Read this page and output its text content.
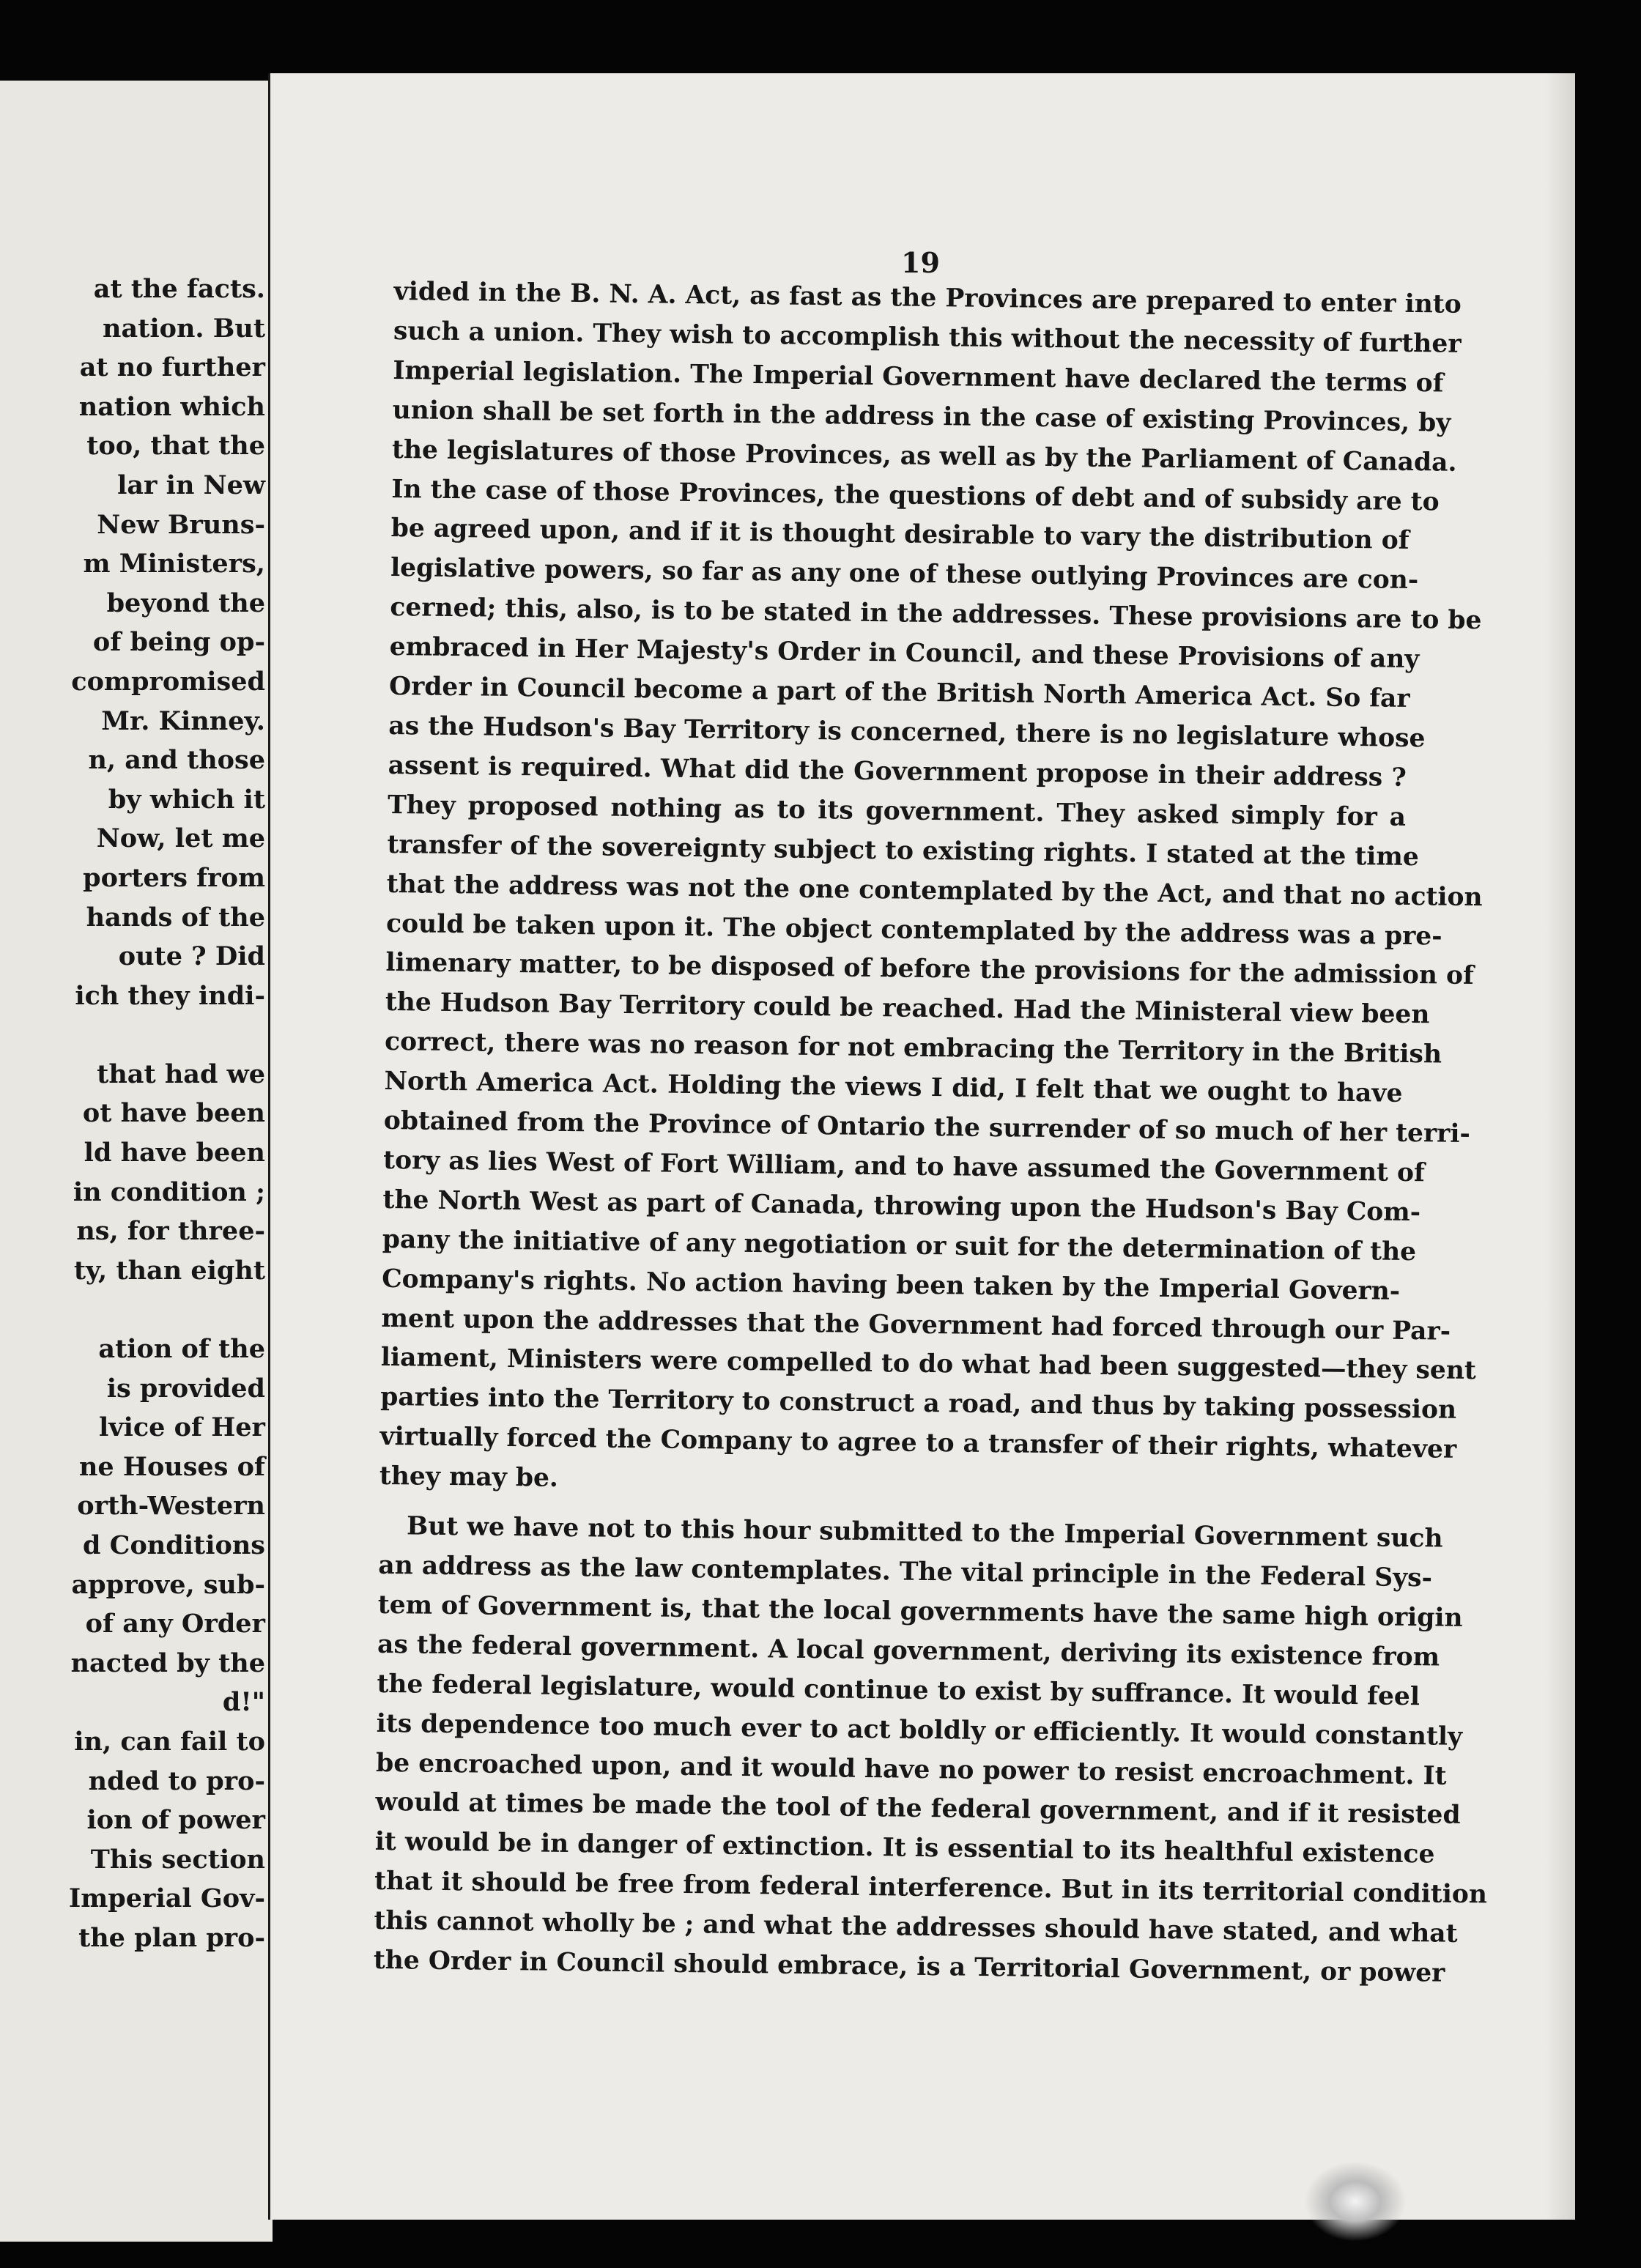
at the facts.
nation. But
at no further
nation which
too, that the
lar in New
New Bruns-
m Ministers,
beyond the
of being op-
compromised
Mr. Kinney.
n, and those
by which it
Now, let me
porters from
hands of the
oute ? Did
ich they indi-

that had we
ot have been
ld have been
in condition ;
ns, for three-
ty, than eight

ation of the
is provided
lvice of Her
ne Houses of
orth-Western
d Conditions
approve, sub-
of any Order
nacted by the
d!"
in, can fail to
nded to pro-
ion of power
This section
Imperial Gov-
the plan pro-
19
vided in the B. N. A. Act, as fast as the Provinces are prepared to enter into
such a union. They wish to accomplish this without the necessity of further
Imperial legislation. The Imperial Government have declared the terms of
union shall be set forth in the address in the case of existing Provinces, by
the legislatures of those Provinces, as well as by the Parliament of Canada.
In the case of those Provinces, the questions of debt and of subsidy are to
be agreed upon, and if it is thought desirable to vary the distribution of
legislative powers, so far as any one of these outlying Provinces are con-
cerned; this, also, is to be stated in the addresses. These provisions are to be
embraced in Her Majesty's Order in Council, and these Provisions of any
Order in Council become a part of the British North America Act. So far
as the Hudson's Bay Territory is concerned, there is no legislature whose
assent is required. What did the Government propose in their address ?
They proposed nothing as to its government. They asked simply for a
transfer of the sovereignty subject to existing rights. I stated at the time
that the address was not the one contemplated by the Act, and that no action
could be taken upon it. The object contemplated by the address was a pre-
limenary matter, to be disposed of before the provisions for the admission of
the Hudson Bay Territory could be reached. Had the Ministeral view been
correct, there was no reason for not embracing the Territory in the British
North America Act. Holding the views I did, I felt that we ought to have
obtained from the Province of Ontario the surrender of so much of her terri-
tory as lies West of Fort William, and to have assumed the Government of
the North West as part of Canada, throwing upon the Hudson's Bay Com-
pany the initiative of any negotiation or suit for the determination of the
Company's rights. No action having been taken by the Imperial Govern-
ment upon the addresses that the Government had forced through our Par-
liament, Ministers were compelled to do what had been suggested—they sent
parties into the Territory to construct a road, and thus by taking possession
virtually forced the Company to agree to a transfer of their rights, whatever
they may be.
But we have not to this hour submitted to the Imperial Government such
an address as the law contemplates. The vital principle in the Federal Sys-
tem of Government is, that the local governments have the same high origin
as the federal government. A local government, deriving its existence from
the federal legislature, would continue to exist by suffrance. It would feel
its dependence too much ever to act boldly or efficiently. It would constantly
be encroached upon, and it would have no power to resist encroachment. It
would at times be made the tool of the federal government, and if it resisted
it would be in danger of extinction. It is essential to its healthful existence
that it should be free from federal interference. But in its territorial condition
this cannot wholly be ; and what the addresses should have stated, and what
the Order in Council should embrace, is a Territorial Government, or power
